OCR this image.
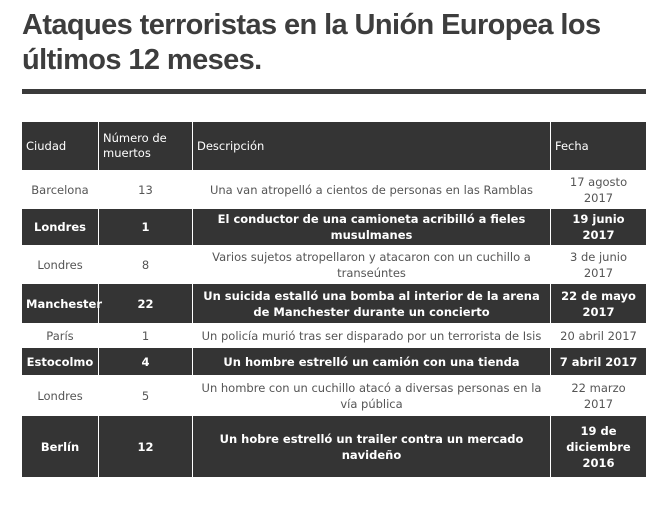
Ataques terroristas en la Unión Europea los últimos 12 meses.
Ciudad	Número de muertos	Descripción	Fecha
Barcelona	13	Una van atropelló a cientos de personas en las Ramblas	17 agosto 2017
Londres	1	El conductor de una camioneta acribilló a fieles musulmanes	19 junio 2017
Londres	8	Varios sujetos atropellaron y atacaron con un cuchillo a transeúntes	3 de junio 2017
Manchester	22	Un suicida estalló una bomba al interior de la arena de Manchester durante un concierto	22 de mayo 2017
París	1	Un policía murió tras ser disparado por un terrorista de Isis	20 abril 2017
Estocolmo	4	Un hombre estrelló un camión con una tienda	7 abril 2017
Londres	5	Un hombre con un cuchillo atacó a diversas personas en la vía pública	22 marzo 2017
Berlín	12	Un hobre estrelló un trailer contra un mercado navideño	19 de diciembre 2016
